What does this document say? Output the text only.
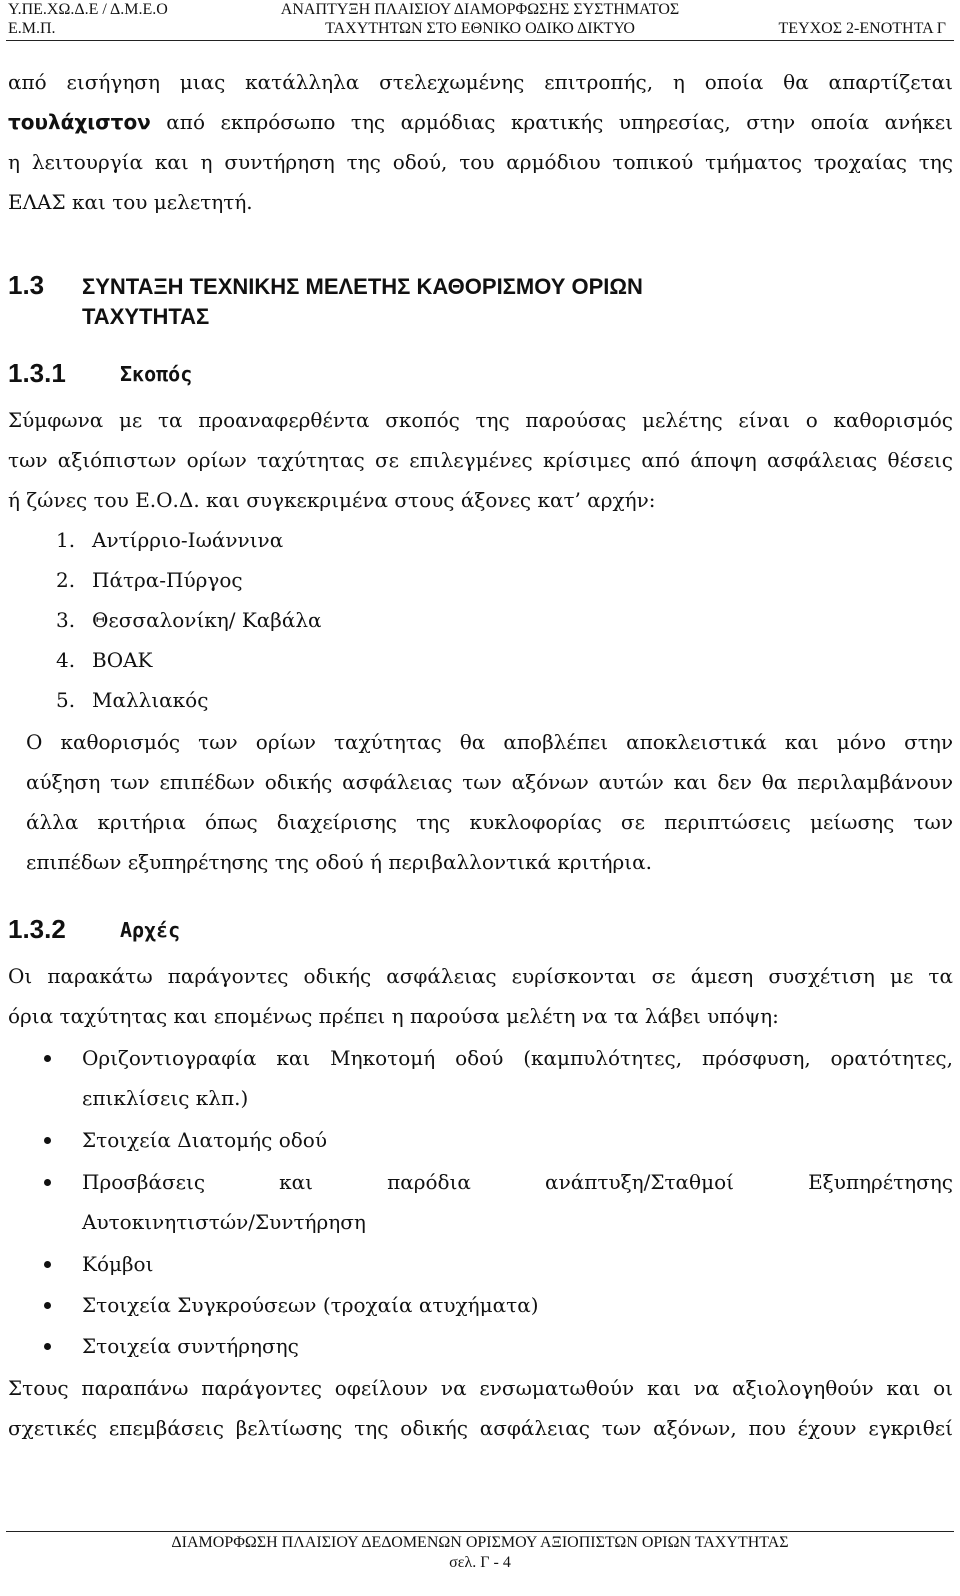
Υ.ΠΕ.ΧΩ.Δ.Ε / Δ.Μ.Ε.Ο
Ε.Μ.Π.
ΑΝΑΠΤΥΞΗ ΠΛΑΙΣΙΟΥ ΔΙΑΜΟΡΦΩΣΗΣ ΣΥΣΤΗΜΑΤΟΣ
ΤΑΧΥΤΗΤΩΝ ΣΤΟ ΕΘΝΙΚΟ ΟΔΙΚΟ ΔΙΚΤΥΟ
	ΤΕΥΧΟΣ 2-ΕΝΟΤΗΤΑ Γ
από εισήγηση μιας κατάλληλα στελεχωμένης επιτροπής, η οποία θα απαρτίζεται
τουλάχιστον από εκπρόσωπο της αρμόδιας κρατικής υπηρεσίας, στην οποία ανήκει
η λειτουργία και η συντήρηση της οδού, του αρμόδιου τοπικού τμήματος τροχαίας της
ΕΛΑΣ και του μελετητή.
1.3 ΣΥΝΤΑΞΗ ΤΕΧΝΙΚΗΣ ΜΕΛΕΤΗΣ ΚΑΘΟΡΙΣΜΟΥ ΟΡΙΩΝ
ΤΑΧΥΤΗΤΑΣ
1.3.1	Σκοπός
Σύμφωνα με τα προαναφερθέντα σκοπός της παρούσας μελέτης είναι ο καθορισμός
των αξιόπιστων ορίων ταχύτητας σε επιλεγμένες κρίσιμες από άποψη ασφάλειας θέσεις
ή ζώνες του Ε.Ο.Δ. και συγκεκριμένα στους άξονες κατ’ αρχήν:
1. Αντίρριο-Ιωάννινα
2. Πάτρα-Πύργος
3. Θεσσαλονίκη/ Καβάλα
4. ΒΟΑΚ
5. Μαλλιακός
Ο καθορισμός των ορίων ταχύτητας θα αποβλέπει αποκλειστικά και μόνο στην
αύξηση των επιπέδων οδικής ασφάλειας των αξόνων αυτών και δεν θα περιλαμβάνουν
άλλα κριτήρια όπως διαχείρισης της κυκλοφορίας σε περιπτώσεις μείωσης των
επιπέδων εξυπηρέτησης της οδού ή περιβαλλοντικά κριτήρια.
1.3.2	Αρχές
Οι παρακάτω παράγοντες οδικής ασφάλειας ευρίσκονται σε άμεση συσχέτιση με τα
όρια ταχύτητας και επομένως πρέπει η παρούσα μελέτη να τα λάβει υπόψη:
Οριζοντιογραφία και Μηκοτομή οδού (καμπυλότητες, πρόσφυση, ορατότητες,
επικλίσεις κλπ.)
Στοιχεία Διατομής οδού
Προσβάσεις και παρόδια ανάπτυξη/Σταθμοί Εξυπηρέτησης
Αυτοκινητιστών/Συντήρηση
Κόμβοι
Στοιχεία Συγκρούσεων (τροχαία ατυχήματα)
Στοιχεία συντήρησης
Στους παραπάνω παράγοντες οφείλουν να ενσωματωθούν και να αξιολογηθούν και οι
σχετικές επεμβάσεις βελτίωσης της οδικής ασφάλειας των αξόνων, που έχουν εγκριθεί
ΔΙΑΜΟΡΦΩΣΗ ΠΛΑΙΣΙΟΥ ΔΕΔΟΜΕΝΩΝ ΟΡΙΣΜΟΥ ΑΞΙΟΠΙΣΤΩΝ ΟΡΙΩΝ ΤΑΧΥΤΗΤΑΣ
σελ. Γ - 4
